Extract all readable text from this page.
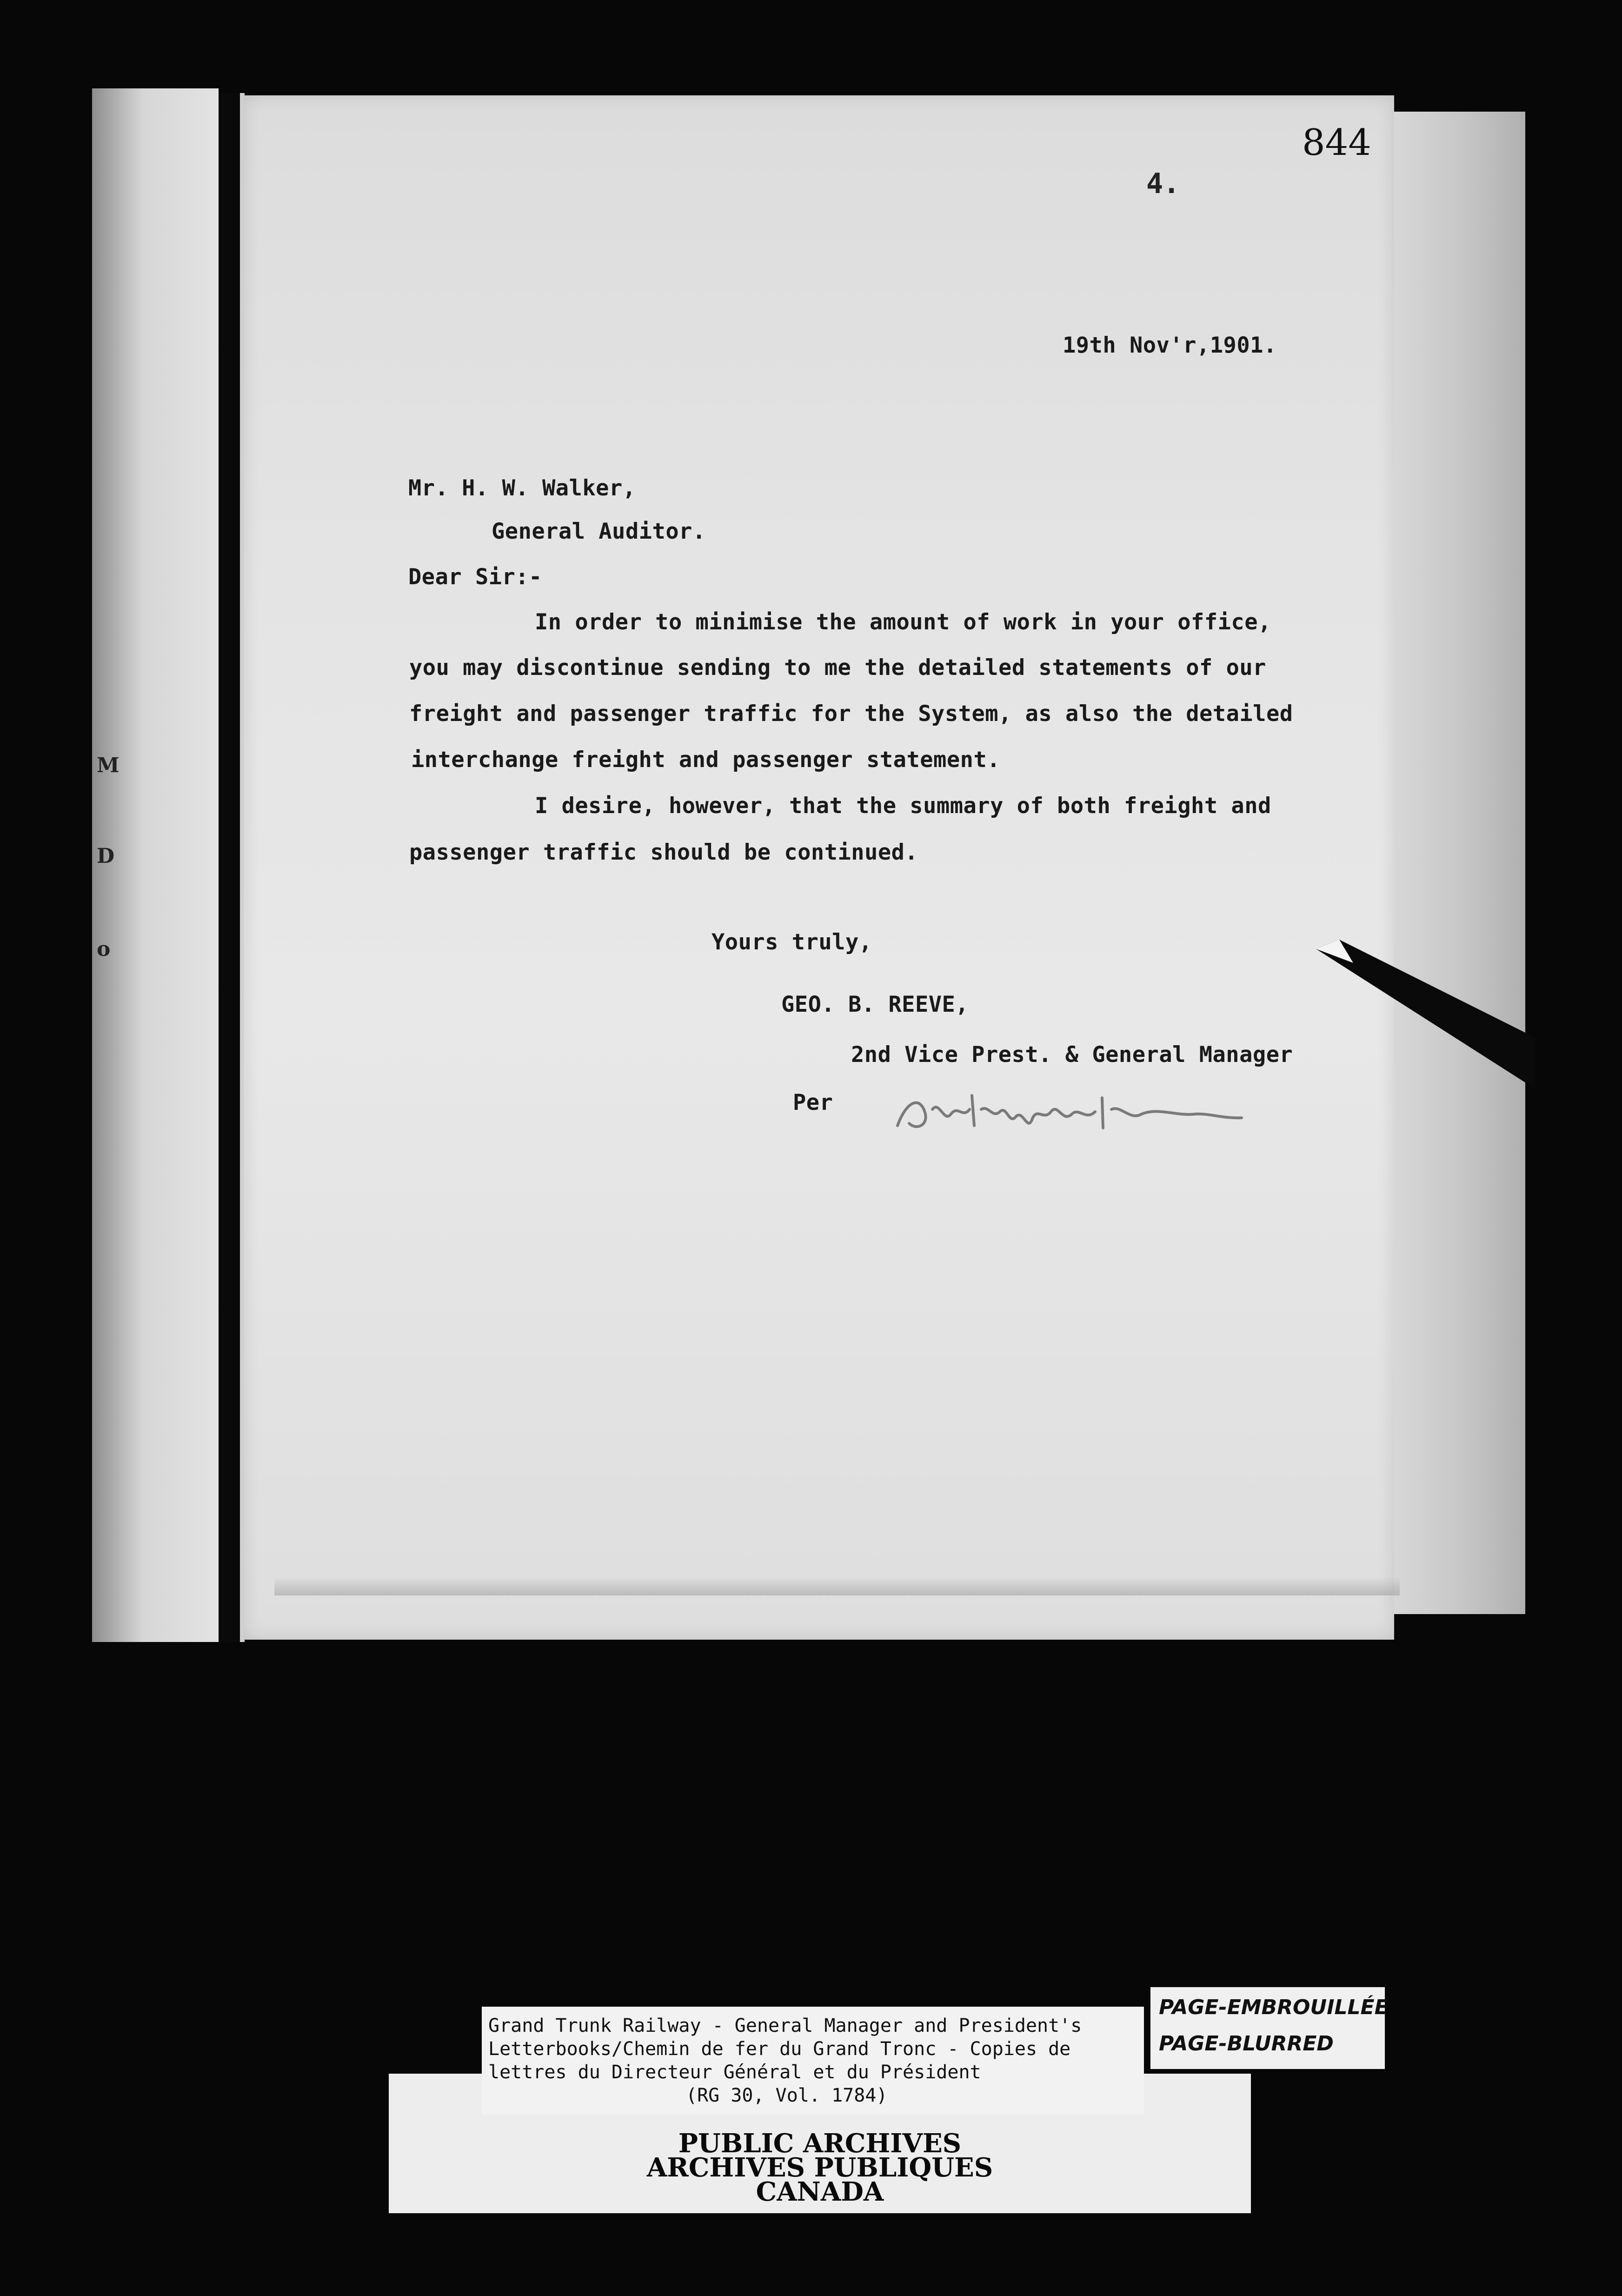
M
D
o
844
4.
19th Nov'r,1901.
Mr. H. W. Walker,
General Auditor.
Dear Sir:-
In order to minimise the amount of work in your office,
you may discontinue sending to me the detailed statements of our
freight and passenger traffic for the System, as also the detailed
interchange freight and passenger statement.
I desire, however, that the summary of both freight and
passenger traffic should be continued.
Yours truly,
GEO. B. REEVE,
2nd Vice Prest. & General Manager
Per
Grand Trunk Railway - General Manager and President's
Letterbooks/Chemin de fer du Grand Tronc - Copies de
lettres du Directeur Général et du Président
(RG 30, Vol. 1784)
PUBLIC ARCHIVES
ARCHIVES PUBLIQUES
CANADA
PAGE-EMBROUILLÉE
PAGE-BLURRED
